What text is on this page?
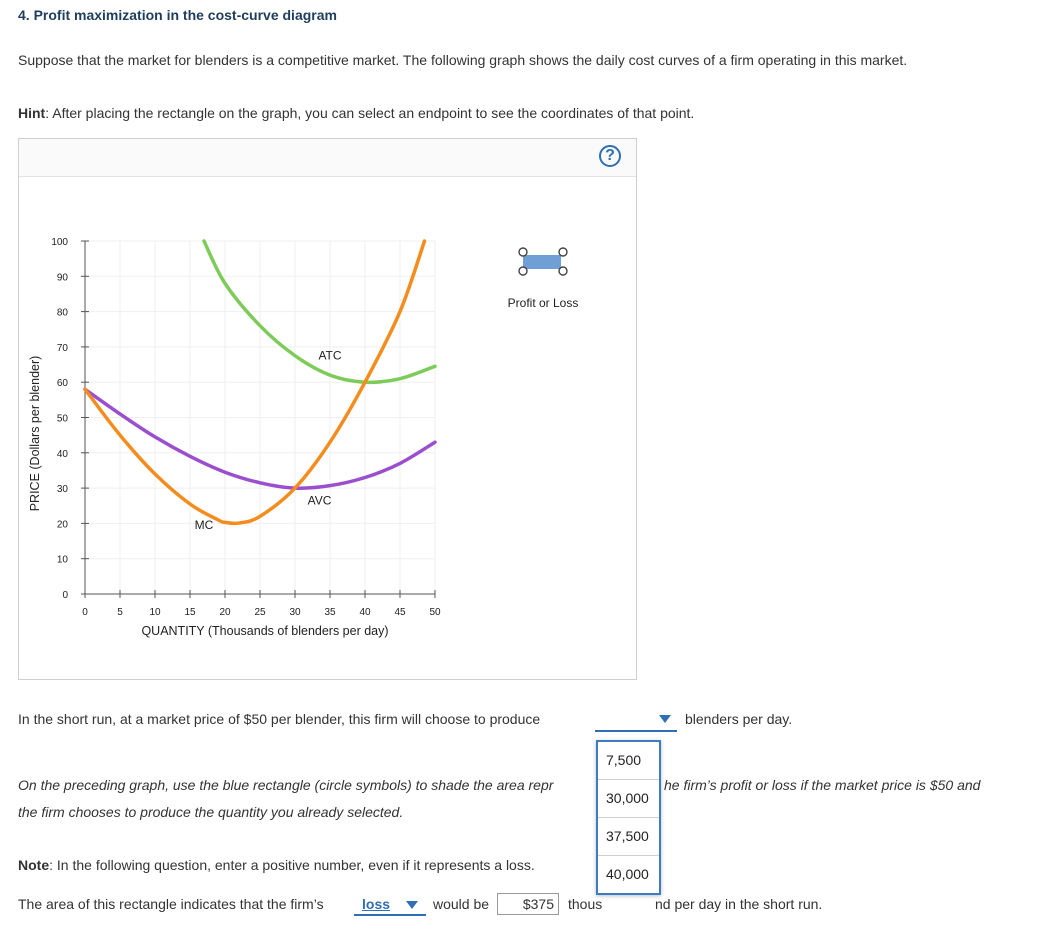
4. Profit maximization in the cost-curve diagram
Suppose that the market for blenders is a competitive market. The following graph shows the daily cost curves of a firm operating in this market.
Hint: After placing the rectangle on the graph, you can select an endpoint to see the coordinates of that point.
?
0	5	10 15 20 25 30 35 40 45 50
0
10
20
30
40
50
60
70
80
90
100
QUANTITY (Thousands of blenders per day)
PRICE (Dollars per blender)	ATC
AVC
MC
Profit or Loss
In the short run, at a market price of $50 per blender, this firm will choose to produce	blenders per day.
On the preceding graph, use the blue rectangle (circle symbols) to shade the area repr	he firm’s profit or loss if the market price is $50 and
the firm chooses to produce the quantity you already selected.
Note: In the following question, enter a positive number, even if it represents a loss.
The area of this rectangle indicates that the firm’s	loss	would be	$375	thous	nd per day in the short run.
7,500
30,000
37,500
40,000
